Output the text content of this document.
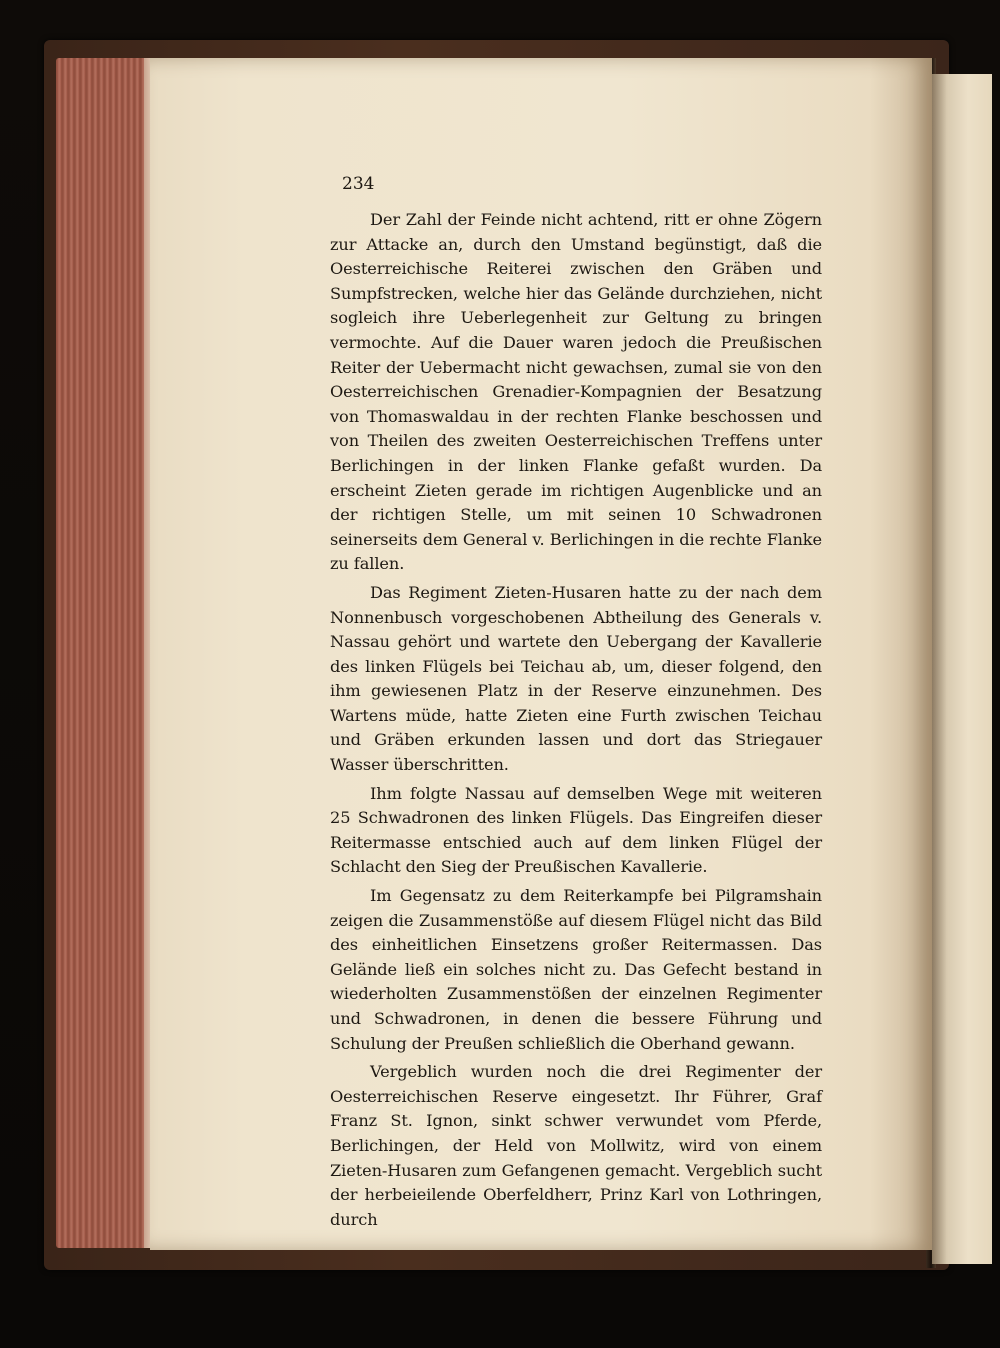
234

Der Zahl der Feinde nicht achtend, ritt er ohne Zögern zur Attacke an, durch den Umstand begünstigt, daß die Oesterreichische Reiterei zwischen den Gräben und Sumpfstrecken, welche hier das Gelände durchziehen, nicht sogleich ihre Ueberlegenheit zur Geltung zu bringen vermochte. Auf die Dauer waren jedoch die Preußischen Reiter der Uebermacht nicht gewachsen, zumal sie von den Oesterreichischen Grenadier-Kompagnien der Besatzung von Thomaswaldau in der rechten Flanke beschossen und von Theilen des zweiten Oesterreichischen Treffens unter Berlichingen in der linken Flanke gefaßt wurden. Da erscheint Zieten gerade im richtigen Augenblicke und an der richtigen Stelle, um mit seinen 10 Schwadronen seinerseits dem General v. Berlichingen in die rechte Flanke zu fallen.

Das Regiment Zieten-Husaren hatte zu der nach dem Nonnenbusch vorgeschobenen Abtheilung des Generals v. Nassau gehört und wartete den Uebergang der Kavallerie des linken Flügels bei Teichau ab, um, dieser folgend, den ihm gewiesenen Platz in der Reserve einzunehmen. Des Wartens müde, hatte Zieten eine Furth zwischen Teichau und Gräben erkunden lassen und dort das Striegauer Wasser überschritten.

Ihm folgte Nassau auf demselben Wege mit weiteren 25 Schwadronen des linken Flügels. Das Eingreifen dieser Reitermasse entschied auch auf dem linken Flügel der Schlacht den Sieg der Preußischen Kavallerie.

Im Gegensatz zu dem Reiterkampfe bei Pilgramshain zeigen die Zusammenstöße auf diesem Flügel nicht das Bild des einheitlichen Einsetzens großer Reitermassen. Das Gelände ließ ein solches nicht zu. Das Gefecht bestand in wiederholten Zusammenstößen der einzelnen Regimenter und Schwadronen, in denen die bessere Führung und Schulung der Preußen schließlich die Oberhand gewann.

Vergeblich wurden noch die drei Regimenter der Oesterreichischen Reserve eingesetzt. Ihr Führer, Graf Franz St. Ignon, sinkt schwer verwundet vom Pferde, Berlichingen, der Held von Mollwitz, wird von einem Zieten-Husaren zum Gefangenen gemacht. Vergeblich sucht der herbeieilende Oberfeldherr, Prinz Karl von Lothringen, durch
